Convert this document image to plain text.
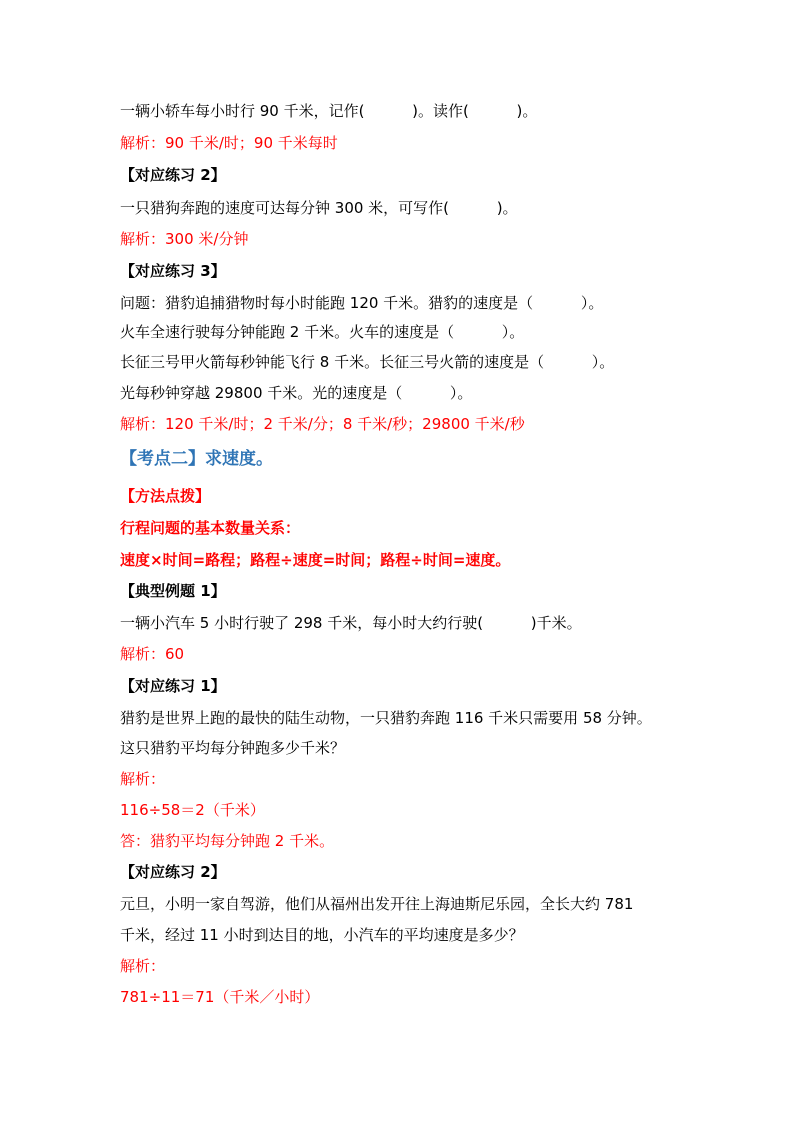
一辆小轿车每小时行 90 千米，记作(          )。读作(          )。
解析：90 千米/时；90 千米每时
【对应练习 2】
一只猎狗奔跑的速度可达每分钟 300 米，可写作(          )。
解析：300 米/分钟
【对应练习 3】
问题：猎豹追捕猎物时每小时能跑 120 千米。猎豹的速度是（          ）。
火车全速行驶每分钟能跑 2 千米。火车的速度是（          ）。
长征三号甲火箭每秒钟能飞行 8 千米。长征三号火箭的速度是（          ）。
光每秒钟穿越 29800 千米。光的速度是（          ）。
解析：120 千米/时；2 千米/分；8 千米/秒；29800 千米/秒
【考点二】求速度。
【方法点拨】
行程问题的基本数量关系：
速度×时间=路程；路程÷速度=时间；路程÷时间=速度。
【典型例题 1】
一辆小汽车 5 小时行驶了 298 千米，每小时大约行驶(          )千米。
解析：60
【对应练习 1】
猎豹是世界上跑的最快的陆生动物，一只猎豹奔跑 116 千米只需要用 58 分钟。
这只猎豹平均每分钟跑多少千米？
解析：
116÷58＝2（千米）
答：猎豹平均每分钟跑 2 千米。
【对应练习 2】
元旦，小明一家自驾游，他们从福州出发开往上海迪斯尼乐园，全长大约 781
千米，经过 11 小时到达目的地，小汽车的平均速度是多少？
解析：
781÷11＝71（千米／小时）
